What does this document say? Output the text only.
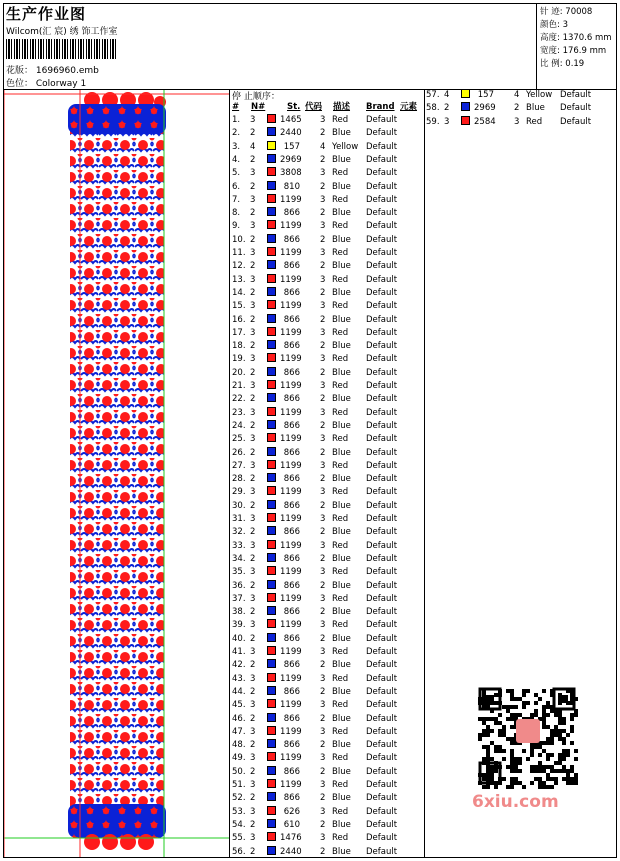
生产作业图
Wilcom(汇 宸) 绣 饰工作室
花版： 1696960.emb
色位： Colorway 1
针 迹: 70008
颜色: 3
高度: 1370.6 mm
宽度: 176.9 mm
比 例: 0.19
停 止顺序：
# N#	St. 代码 描述 Brand 元素
1. 3	1465 3 Red Default
2. 2	2440 2 Blue Default
3. 4	157 4 Yellow Default
4. 2	2969 2 Blue Default
5. 3	3808 3 Red Default
6. 2	810 2 Blue Default
7. 3	1199 3 Red Default
8. 2	866 2 Blue Default
9. 3	1199 3 Red Default
10. 2	866 2 Blue Default
11. 3	1199 3 Red Default
12. 2	866 2 Blue Default
13. 3	1199 3 Red Default
14. 2	866 2 Blue Default
15. 3	1199 3 Red Default
16. 2	866 2 Blue Default
17. 3	1199 3 Red Default
18. 2	866 2 Blue Default
19. 3	1199 3 Red Default
20. 2	866 2 Blue Default
21. 3	1199 3 Red Default
22. 2	866 2 Blue Default
23. 3	1199 3 Red Default
24. 2	866 2 Blue Default
25. 3	1199 3 Red Default
26. 2	866 2 Blue Default
27. 3	1199 3 Red Default
28. 2	866 2 Blue Default
29. 3	1199 3 Red Default
30. 2	866 2 Blue Default
31. 3	1199 3 Red Default
32. 2	866 2 Blue Default
33. 3	1199 3 Red Default
34. 2	866 2 Blue Default
35. 3	1199 3 Red Default
36. 2	866 2 Blue Default
37. 3	1199 3 Red Default
38. 2	866 2 Blue Default
39. 3	1199 3 Red Default
40. 2	866 2 Blue Default
41. 3	1199 3 Red Default
42. 2	866 2 Blue Default
43. 3	1199 3 Red Default
44. 2	866 2 Blue Default
45. 3	1199 3 Red Default
46. 2	866 2 Blue Default
47. 3	1199 3 Red Default
48. 2	866 2 Blue Default
49. 3	1199 3 Red Default
50. 2	866 2 Blue Default
51. 3	1199 3 Red Default
52. 2	866 2 Blue Default
53. 3	626 3 Red Default
54. 2	610 2 Blue Default
55. 3	1476 3 Red Default
56. 2	2440 2 Blue Default
57. 4	157 4 Yellow Default
58. 2	2969 2 Blue Default
59. 3	2584 3 Red Default
6xiu.com
